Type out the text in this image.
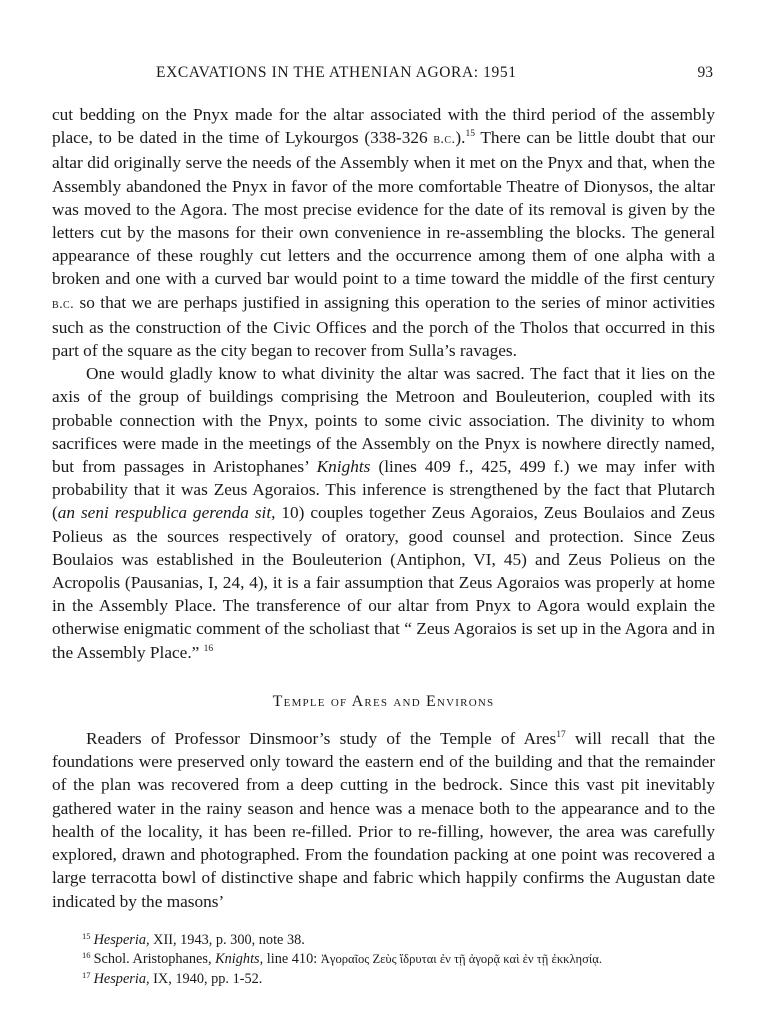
EXCAVATIONS IN THE ATHENIAN AGORA: 1951	93

cut bedding on the Pnyx made for the altar associated with the third period of the assembly place, to be dated in the time of Lykourgos (338-326 b.c.).$^{15}$ There can be little doubt that our altar did originally serve the needs of the Assembly when it met on the Pnyx and that, when the Assembly abandoned the Pnyx in favor of the more comfortable Theatre of Dionysos, the altar was moved to the Agora. The most precise evidence for the date of its removal is given by the letters cut by the masons for their own convenience in re-assembling the blocks. The general appearance of these roughly cut letters and the occurrence among them of one alpha with a broken and one with a curved bar would point to a time toward the middle of the first century b.c. so that we are perhaps justified in assigning this operation to the series of minor activities such as the construction of the Civic Offices and the porch of the Tholos that occurred in this part of the square as the city began to recover from Sulla’s ravages.

One would gladly know to what divinity the altar was sacred. The fact that it lies on the axis of the group of buildings comprising the Metroon and Bouleuterion, coupled with its probable connection with the Pnyx, points to some civic association. The divinity to whom sacrifices were made in the meetings of the Assembly on the Pnyx is nowhere directly named, but from passages in Aristophanes’ Knights (lines 409 f., 425, 499 f.) we may infer with probability that it was Zeus Agoraios. This inference is strengthened by the fact that Plutarch (an seni respublica gerenda sit, 10) couples together Zeus Agoraios, Zeus Boulaios and Zeus Polieus as the sources respectively of oratory, good counsel and protection. Since Zeus Boulaios was established in the Bouleuterion (Antiphon, VI, 45) and Zeus Polieus on the Acropolis (Pausanias, I, 24, 4), it is a fair assumption that Zeus Agoraios was properly at home in the Assembly Place. The transference of our altar from Pnyx to Agora would explain the otherwise enigmatic comment of the scholiast that “ Zeus Agoraios is set up in the Agora and in the Assembly Place.” $^{16}$

Temple of Ares and Environs

Readers of Professor Dinsmoor’s study of the Temple of Ares$^{17}$ will recall that the foundations were preserved only toward the eastern end of the building and that the remainder of the plan was recovered from a deep cutting in the bedrock. Since this vast pit inevitably gathered water in the rainy season and hence was a menace both to the appearance and to the health of the locality, it has been re-filled. Prior to re-filling, however, the area was carefully explored, drawn and photographed. From the foundation packing at one point was recovered a large terracotta bowl of distinctive shape and fabric which happily confirms the Augustan date indicated by the masons’

$^{15}$ Hesperia, XII, 1943, p. 300, note 38.
$^{16}$ Schol. Aristophanes, Knights, line 410: Ἀγοραῖος Ζεὺς ἵδρυται ἐν τῇ ἀγορᾷ καὶ ἐν τῇ ἐκκλησίᾳ.
$^{17}$ Hesperia, IX, 1940, pp. 1-52.
